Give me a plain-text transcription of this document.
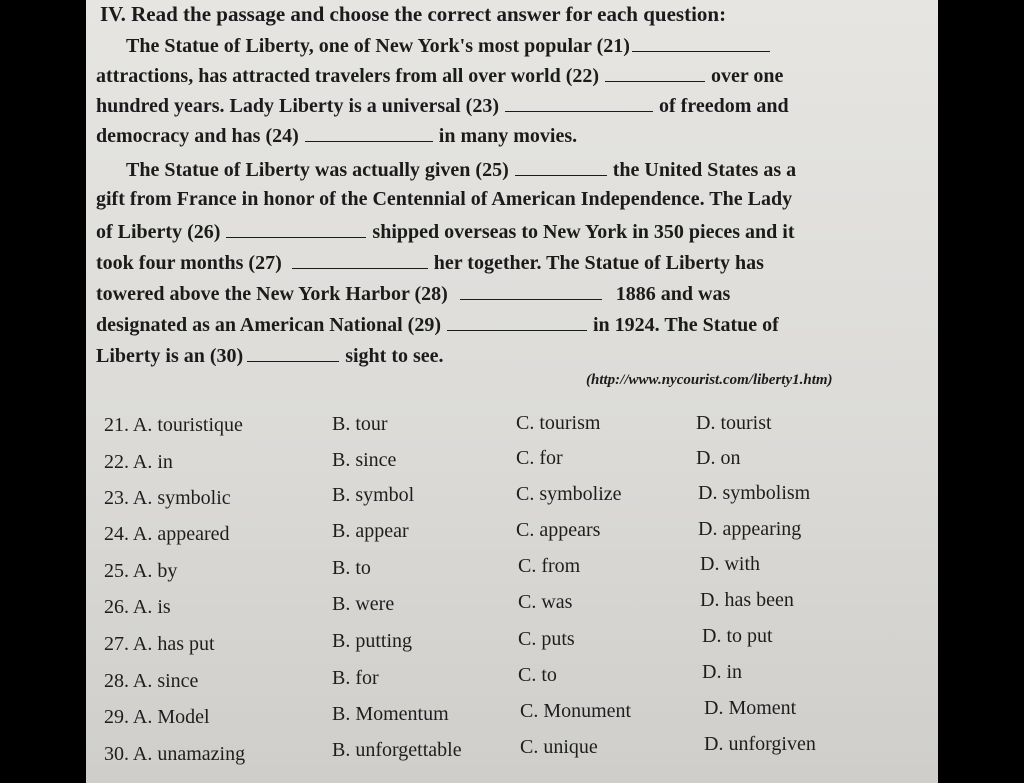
IV. Read the passage and choose the correct answer for each question:
The Statue of Liberty, one of New York's most popular (21)
attractions, has attracted travelers from all over world (22)	over one
hundred years. Lady Liberty is a universal (23)	of freedom and
democracy and has (24)	in many movies.
The Statue of Liberty was actually given (25)	the United States as a
gift from France in honor of the Centennial of American Independence. The Lady
of Liberty (26)	shipped overseas to New York in 350 pieces and it
took four months (27)	her together. The Statue of Liberty has
towered above the New York Harbor (28)	1886 and was
designated as an American National (29)	in 1924. The Statue of
Liberty is an (30)	sight to see.
(http://www.nycourist.com/liberty1.htm)
21. A. touristique	B. tour	C. tourism	D. tourist
22. A. in	B. since	C. for	D. on
23. A. symbolic	B. symbol	C. symbolize	D. symbolism
24. A. appeared	B. appear	C. appears	D. appearing
25. A. by	B. to	C. from	D. with
26. A. is	B. were	C. was	D. has been
27. A. has put	B. putting	C. puts	D. to put
28. A. since	B. for	C. to	D. in
29. A. Model	B. Momentum	C. Monument	D. Moment
30. A. unamazing	B. unforgettable	C. unique	D. unforgiven
